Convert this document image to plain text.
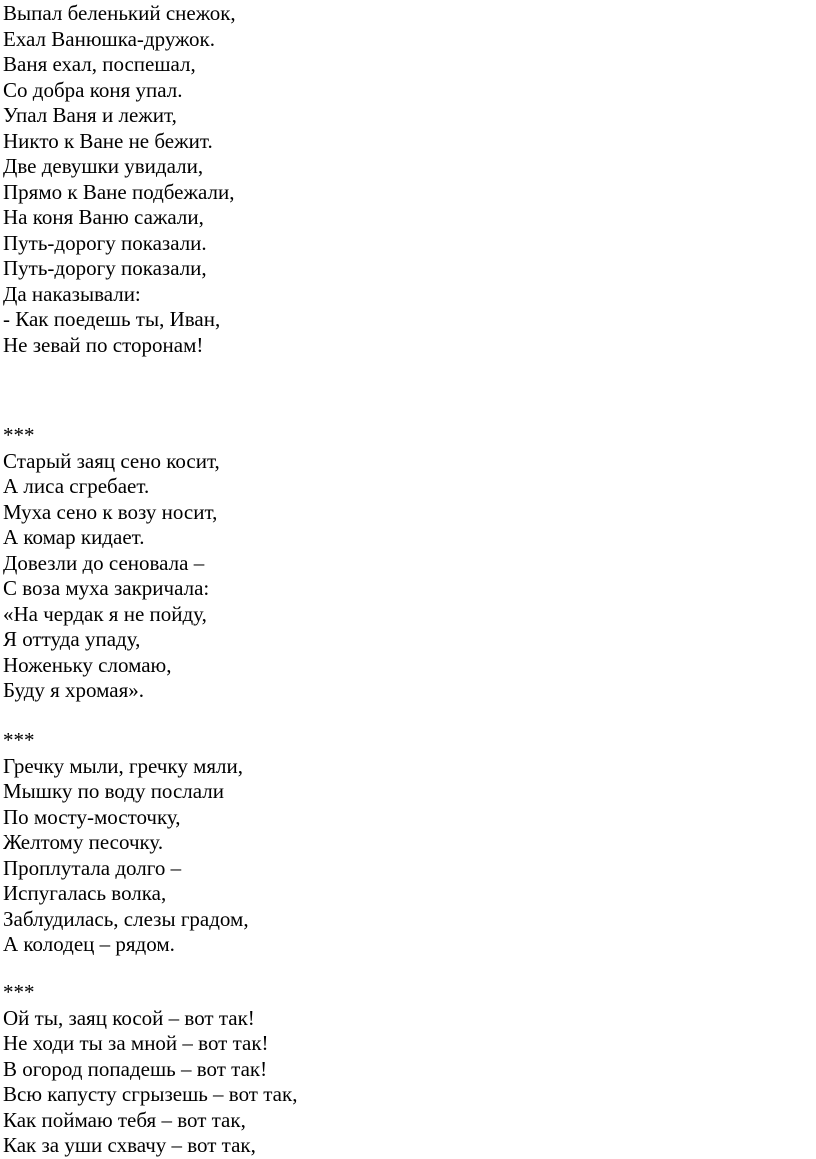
Выпал беленький снежок,
Ехал Ванюшка-дружок.
Ваня ехал, поспешал,
Со добра коня упал.
Упал Ваня и лежит,
Никто к Ване не бежит.
Две девушки увидали,
Прямо к Ване подбежали,
На коня Ваню сажали,
Путь-дорогу показали.
Путь-дорогу показали,
Да наказывали:
- Как поедешь ты, Иван,
Не зевай по сторонам!
***
Старый заяц сено косит,
А лиса сгребает.
Муха сено к возу носит,
А комар кидает.
Довезли до сеновала –
С воза муха закричала:
«На чердак я не пойду,
Я оттуда упаду,
Ноженьку сломаю,
Буду я хромая».
***
Гречку мыли, гречку мяли,
Мышку по воду послали
По мосту-мосточку,
Желтому песочку.
Проплутала долго –
Испугалась волка,
Заблудилась, слезы градом,
А колодец – рядом.
***
Ой ты, заяц косой – вот так!
Не ходи ты за мной – вот так!
В огород попадешь – вот так!
Всю капусту сгрызешь – вот так,
Как поймаю тебя – вот так,
Как за уши схвачу – вот так,
